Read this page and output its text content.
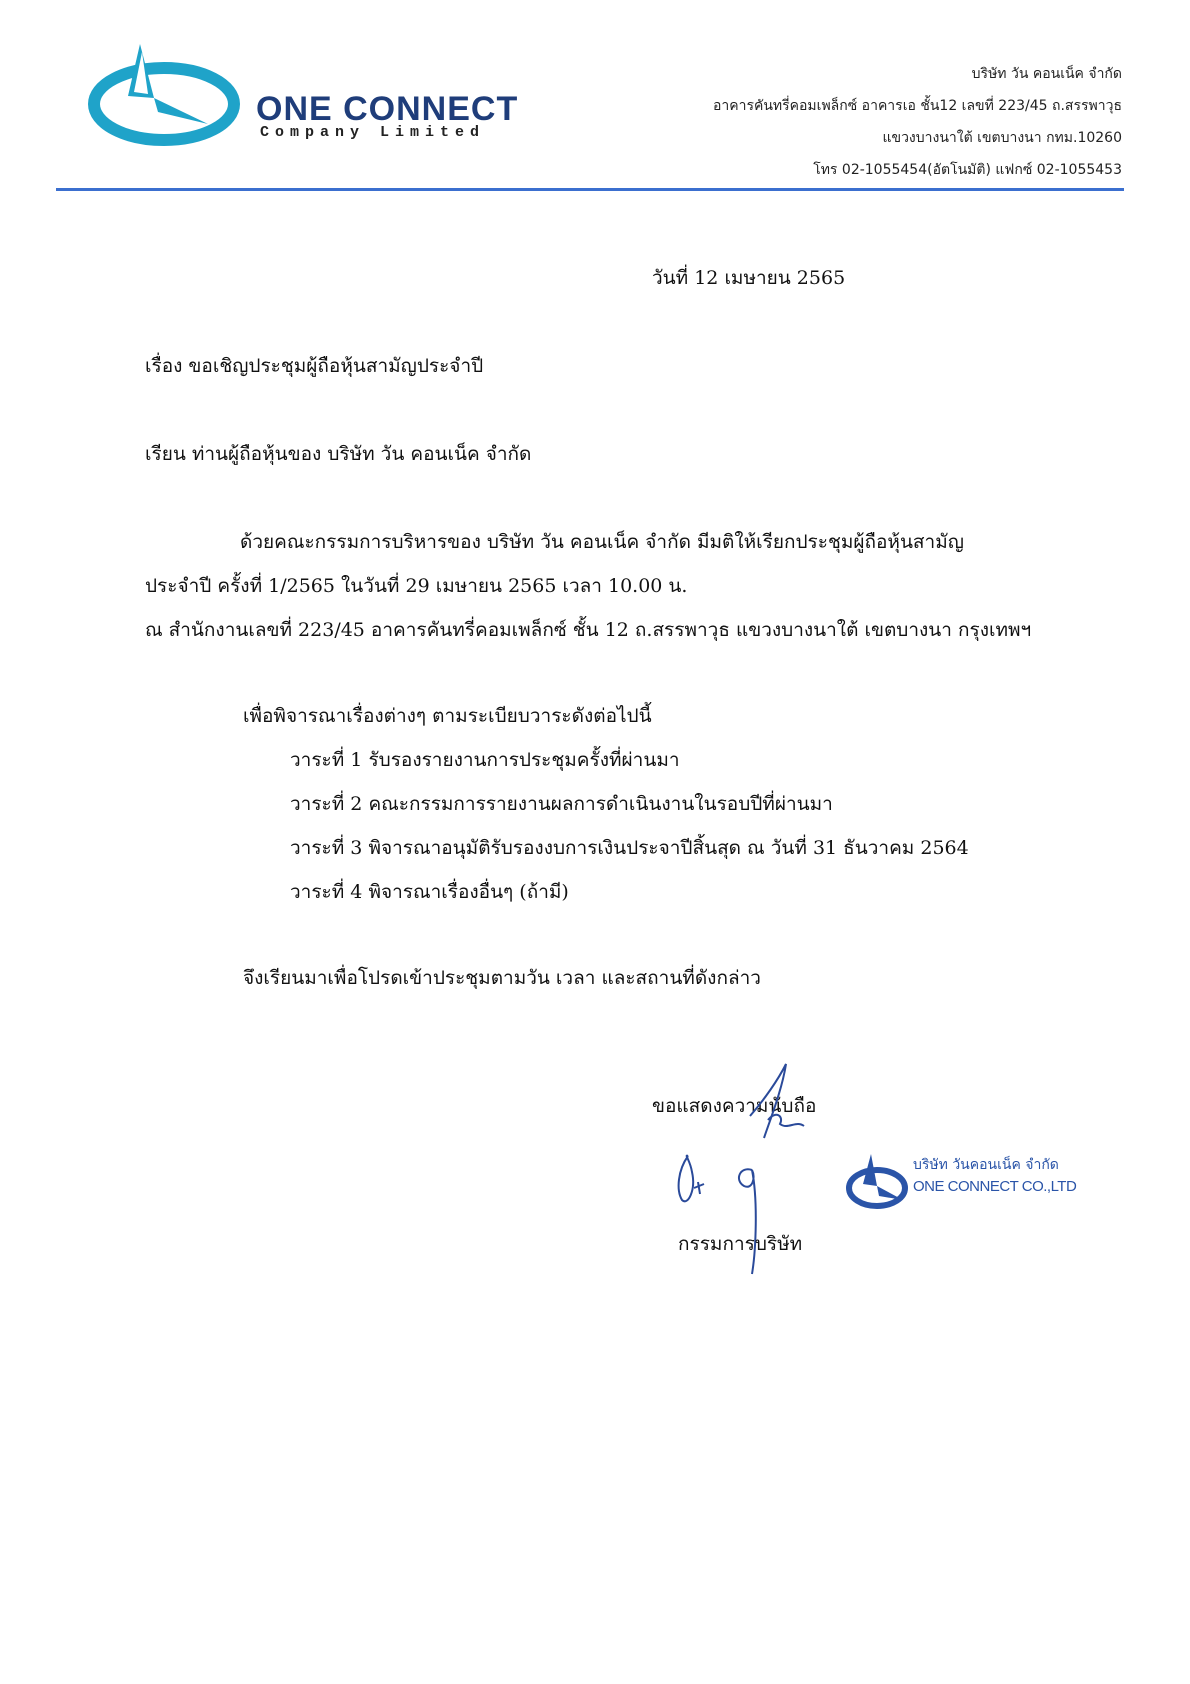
ONE CONNECT
Company Limited
บริษัท วัน คอนเน็ค จำกัด
อาคารคันทรี่คอมเพล็กซ์ อาคารเอ ชั้น12 เลขที่ 223/45 ถ.สรรพาวุธ
แขวงบางนาใต้ เขตบางนา กทม.10260
โทร 02-1055454(อัตโนมัติ) แฟกซ์ 02-1055453
วันที่ 12 เมษายน 2565
เรื่อง ขอเชิญประชุมผู้ถือหุ้นสามัญประจำปี
เรียน ท่านผู้ถือหุ้นของ บริษัท วัน คอนเน็ค จำกัด
ด้วยคณะกรรมการบริหารของ บริษัท วัน คอนเน็ค จำกัด มีมติให้เรียกประชุมผู้ถือหุ้นสามัญ
ประจำปี ครั้งที่ 1/2565 ในวันที่ 29 เมษายน 2565 เวลา 10.00 น.
ณ สำนักงานเลขที่ 223/45 อาคารคันทรี่คอมเพล็กซ์ ชั้น 12 ถ.สรรพาวุธ แขวงบางนาใต้ เขตบางนา กรุงเทพฯ
เพื่อพิจารณาเรื่องต่างๆ ตามระเบียบวาระดังต่อไปนี้
วาระที่ 1 รับรองรายงานการประชุมครั้งที่ผ่านมา
วาระที่ 2 คณะกรรมการรายงานผลการดำเนินงานในรอบปีที่ผ่านมา
วาระที่ 3 พิจารณาอนุมัติรับรองงบการเงินประจาปีสิ้นสุด ณ วันที่ 31 ธันวาคม 2564
วาระที่ 4 พิจารณาเรื่องอื่นๆ (ถ้ามี)
จึงเรียนมาเพื่อโปรดเข้าประชุมตามวัน เวลา และสถานที่ดังกล่าว
ขอแสดงความนับถือ
บริษัท วันคอนเน็ค จำกัด
ONE CONNECT CO.,LTD
กรรมการบริษัท
